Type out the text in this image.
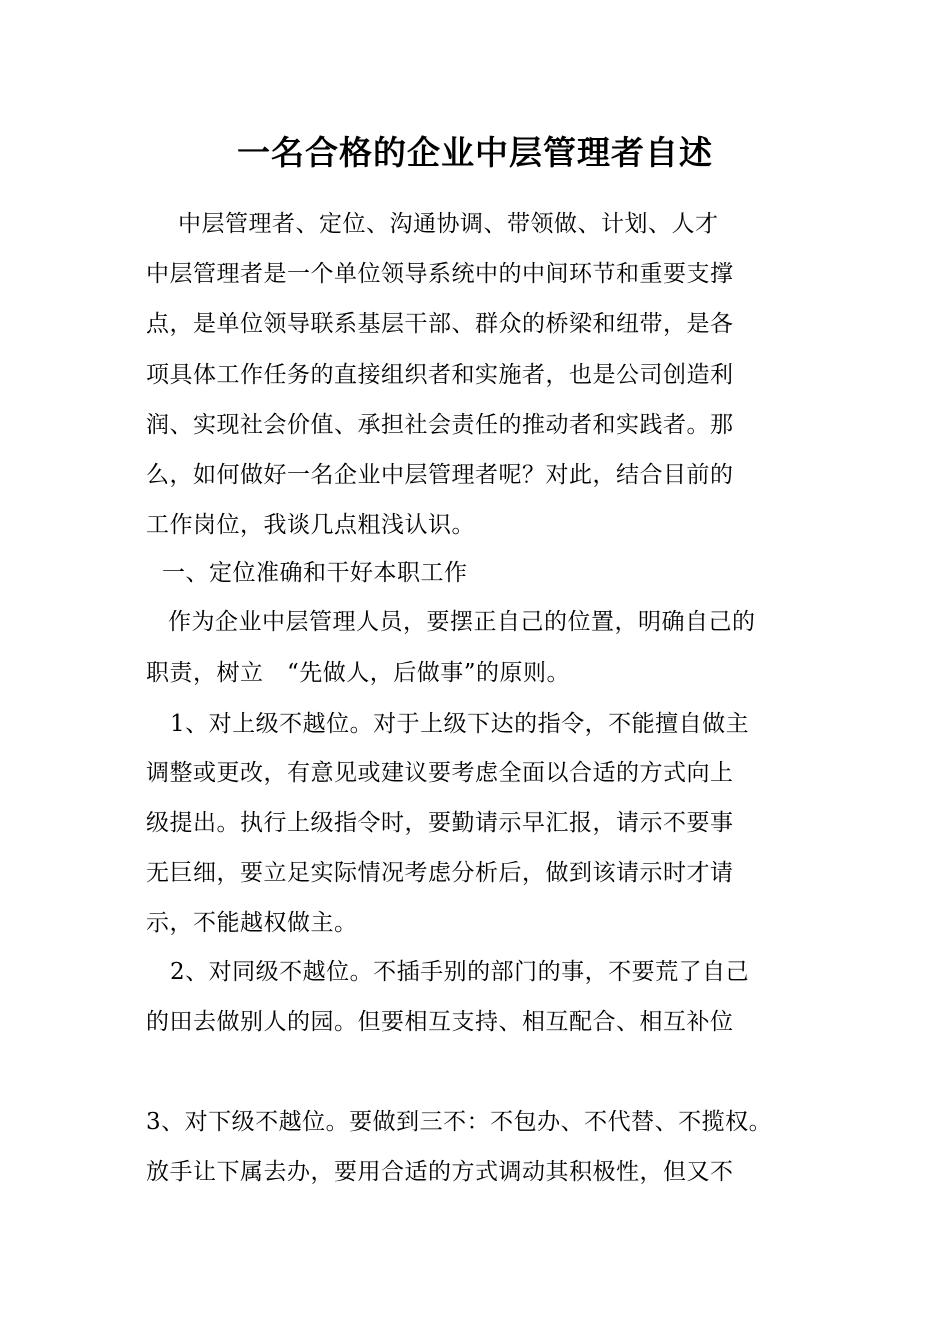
一名合格的企业中层管理者自述
中层管理者、定位、沟通协调、带领做、计划、人才
中层管理者是一个单位领导系统中的中间环节和重要支撑
点，是单位领导联系基层干部、群众的桥梁和纽带，是各
项具体工作任务的直接组织者和实施者，也是公司创造利
润、实现社会价值、承担社会责任的推动者和实践者。那
么，如何做好一名企业中层管理者呢？对此，结合目前的
工作岗位，我谈几点粗浅认识。
一、定位准确和干好本职工作
作为企业中层管理人员，要摆正自己的位置，明确自己的
职责，树立　“先做人，后做事”的原则。
1、对上级不越位。对于上级下达的指令，不能擅自做主
调整或更改，有意见或建议要考虑全面以合适的方式向上
级提出。执行上级指令时，要勤请示早汇报，请示不要事
无巨细，要立足实际情况考虑分析后，做到该请示时才请
示，不能越权做主。
2、对同级不越位。不插手别的部门的事，不要荒了自己
的田去做别人的园。但要相互支持、相互配合、相互补位
3、对下级不越位。要做到三不：不包办、不代替、不揽权。
放手让下属去办，要用合适的方式调动其积极性，但又不
